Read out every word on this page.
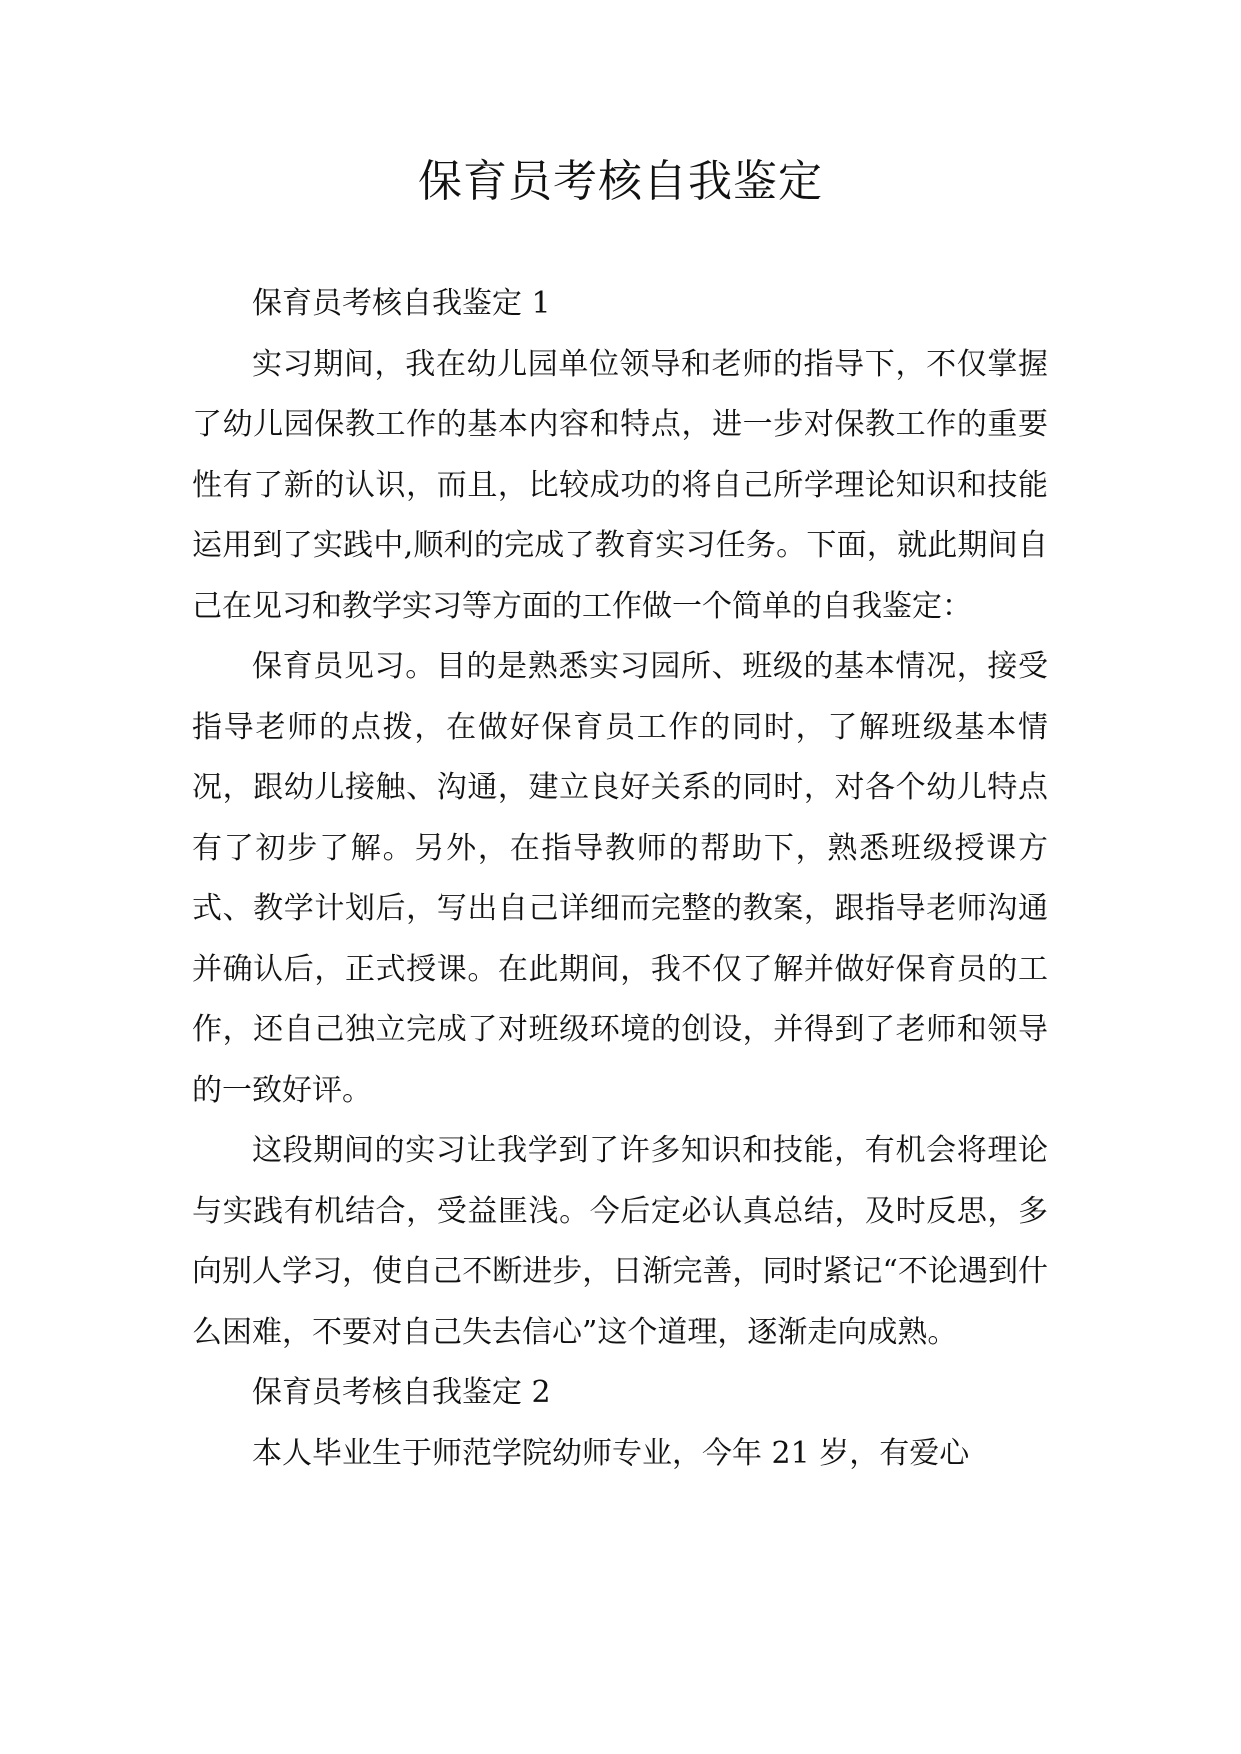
保育员考核自我鉴定

保育员考核自我鉴定 1

实习期间，我在幼儿园单位领导和老师的指导下，不仅掌握了幼儿园保教工作的基本内容和特点，进一步对保教工作的重要性有了新的认识，而且，比较成功的将自己所学理论知识和技能运用到了实践中,顺利的完成了教育实习任务。下面，就此期间自己在见习和教学实习等方面的工作做一个简单的自我鉴定：

保育员见习。目的是熟悉实习园所、班级的基本情况，接受指导老师的点拨，在做好保育员工作的同时，了解班级基本情况，跟幼儿接触、沟通，建立良好关系的同时，对各个幼儿特点有了初步了解。另外，在指导教师的帮助下，熟悉班级授课方式、教学计划后，写出自己详细而完整的教案，跟指导老师沟通并确认后，正式授课。在此期间，我不仅了解并做好保育员的工作，还自己独立完成了对班级环境的创设，并得到了老师和领导的一致好评。

这段期间的实习让我学到了许多知识和技能，有机会将理论与实践有机结合，受益匪浅。今后定必认真总结，及时反思，多向别人学习，使自己不断进步，日渐完善，同时紧记“不论遇到什么困难，不要对自己失去信心”这个道理，逐渐走向成熟。

保育员考核自我鉴定 2

本人毕业生于师范学院幼师专业，今年 21 岁，有爱心
